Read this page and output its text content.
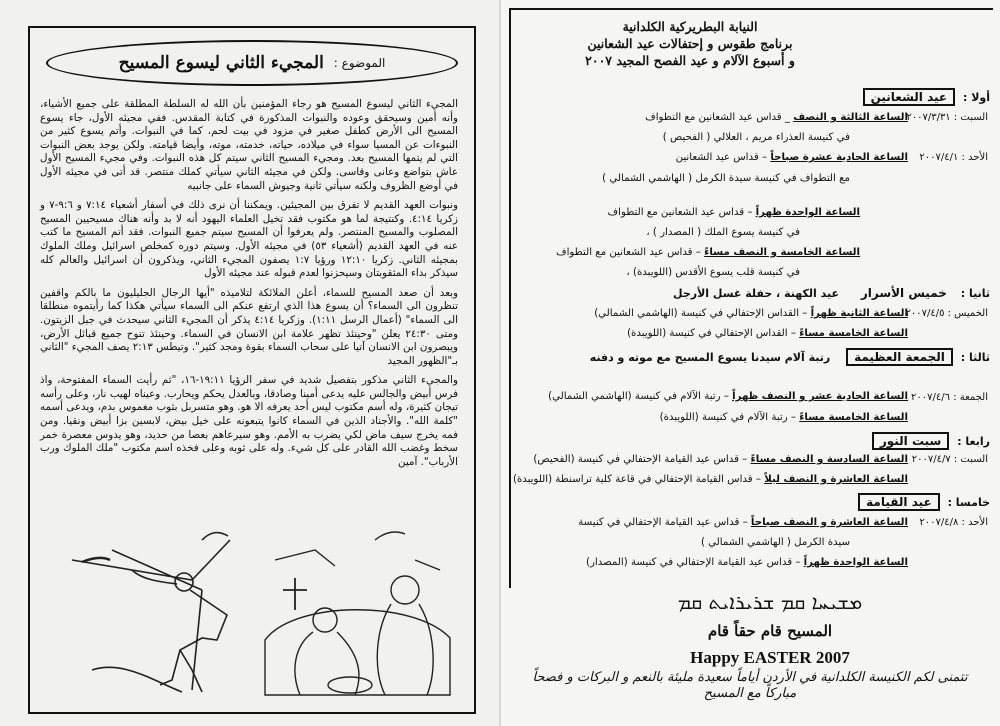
الموضوع :
المجيء الثاني ليسوع المسيح

المجيء الثاني ليسوع المسيح هو رجاء المؤمنين بأن الله له السلطة المطلقة على جميع الأشياء، وأنه أمين وسيحقق وعوده والنبوات المذكورة في كتابة المقدس. ففي مجيئه الأول، جاء يسوع المسيح الى الأرض كطفل صغير في مزود في بيت لحم، كما في النبوات. وأتم يسوع كثير من النبوءات عن المسيا سواء في ميلاده، حياته، خدمته، موته، وأيضا قيامته. ولكن يوجد بعض النبوات التي لم يتمها المسيح بعد. ومجيء المسيح الثاني سيتم كل هذه النبوات. وفي مجيء المسيح الأول عاش بتواضع وعانى وقاسى. ولكن في مجيئه الثاني سيأتي كملك منتصر. قد أتى في مجيئه الأول في أوضع الظروف ولكنه سيأتي ثانية وجيوش السماء على جانبيه

ونبوات العهد القديم لا تفرق بين المجيئين. ويمكننا أن نرى ذلك في أسفار أشعياء ٧:١٤ و ٩:٦-٧ و زكريا ٤:١٤. وكنتيجة لما هو مكتوب فقد تخيل العلماء اليهود أنه لا بد وأنه هناك مسيحيين المسيح المصلوب والمسيح المنتصر. ولم يعرفوا أن المسيح سيتم جميع النبوات. فقد أتم المسيح ما كتب عنه في العهد القديم (أشعياء ٥٣) في مجيئه الأول. وسيتم دوره كمخلص اسرائيل وملك الملوك بمجيئه الثاني. زكريا ١٢:١٠ ورؤيا ١:٧ يصفون المجيء الثاني، ويذكرون أن اسرائيل والعالم كله سيذكر بداء المثقوبتان وسيحزنوا لعدم قبوله عند مجيئه الأول

وبعد أن صعد المسيح للسماء، أعلن الملائكة لتلاميذه "أيها الرجال الجليليون ما بالكم واقفين تنظرون الى السماء؟ أن يسوع هذا الذي ارتفع عنكم الى السماء سيأتي هكذا كما رأيتموه منطلقا الى السماء" (أعمال الرسل ١:١١). وزكريا ٤:١٤ يذكر أن المجيء الثاني سيحدث في جبل الزيتون. ومتى ٢٤:٣٠ يعلن "وحينئذ تظهر علامة ابن الانسان في السماء. وحينئذ تنوح جميع قبائل الأرض، ويبصرون ابن الانسان آتيا على سحاب السماء بقوة ومجد كثير". وتيطس ٢:١٣ يصف المجيء "الثاني بـ"الظهور المجيد

والمجيء الثاني مذكور بتفصيل شديد في سفر الرؤيا ١٩:١١-١٦، "ثم رأيت السماء المفتوحة، واذ فرس أبيض والجالس عليه يدعى أمينا وصادقا، وبالعدل يحكم ويحارب. وعيناه لهيب نار، وعلى رأسه تيجان كثيرة، وله أسم مكتوب ليس أحد يعرفه الا هو. وهو متسربل بثوب مغموس بدم، ويدعى أسمه "كلمة الله". والأجناد الذين في السماء كانوا يتبعونه على خيل بيض، لابسين بزا أبيض ونقيا. ومن فمه يخرج سيف ماض لكي يضرب به الأمم. وهو سيرعاهم بعصا من حديد، وهو يدوس معصرة خمر سخط وغضب الله القادر على كل شيء. وله على ثوبه وعلى فخذه اسم مكتوب "ملك الملوك ورب الأرباب". آمين

النيابة البطريركية الكلدانية
برنامج طقوس و إحتفالات عيد الشعانين
و أسبوع الآلام و عيد الفصح المجيد ٢٠٠٧
أولا : عيد الشعانين
السبت : ٢٠٠٧/٣/٣١
الساعة الثالثة و النصف _ قداس عيد الشعانين مع التطواف
في كنيسة العذراء مريم ، العلالي ( الفحيص )
الأحد : ٢٠٠٧/٤/١
الساعة الحادية عشرة صباحاً – قداس عيد الشعانين
مع التطواف في كنيسة سيدة الكرمل ( الهاشمي الشمالي )
الساعة الواحدة ظهراً – قداس عيد الشعانين مع التطواف
في كنيسة يسوع الملك ( المصدار ) ،
الساعة الخامسة و النصف مساءً – قداس عيد الشعانين مع التطواف
في كنيسة قلب يسوع الأقدس (اللويبدة) ،
ثانيا : خميس الأسرار عيد الكهنة ، حفلة غسل الأرجل
الخميس : ٢٠٠٧/٤/٥
الساعة الثانية ظهراً – القداس الإحتفالي في كنيسة (الهاشمي الشمالي)
الساعة الخامسة مساءً – القداس الإحتفالي في كنيسة (اللويبدة)
ثالثا : الجمعة العظيمة رتبة آلام سيدنا يسوع المسيح مع موته و دفنه
الجمعة : ٢٠٠٧/٤/٦
الساعة الحادية عشر و النصف ظهراً – رتبة الآلام في كنيسة (الهاشمي الشمالي)
الساعة الخامسة مساءً – رتبة الآلام في كنيسة (اللويبدة)
رابعا : سبت النور
السبت : ٢٠٠٧/٤/٧
الساعة السادسة و النصف مساءً – قداس عيد القيامة الإحتفالي في كنيسة (الفحيص)
الساعة العاشرة و النصف ليلاً – قداس القيامة الإحتفالي في قاعة كلية تراسنطة (اللويبدة)
خامسا : عيد القيامة
الأحد : ٢٠٠٧/٤/٨
الساعة العاشرة و النصف صباحاً – قداس عيد القيامة الإحتفالي في كنيسة
سيدة الكرمل ( الهاشمي الشمالي )
الساعة الواحدة ظهراً – قداس عيد القيامة الإحتفالي في كنيسة (المصدار)
ܡܫܝܚܐ ܩܡ ܫܪܝܪܐܝܬ ܩܡ
المسيح قام حقاً قام
Happy EASTER 2007
تتمنى لكم الكنيسة الكلدانية في الأردن أياماً سعيدة مليئة بالنعم و البركات و فصحاً
مباركاً مع المسيح
